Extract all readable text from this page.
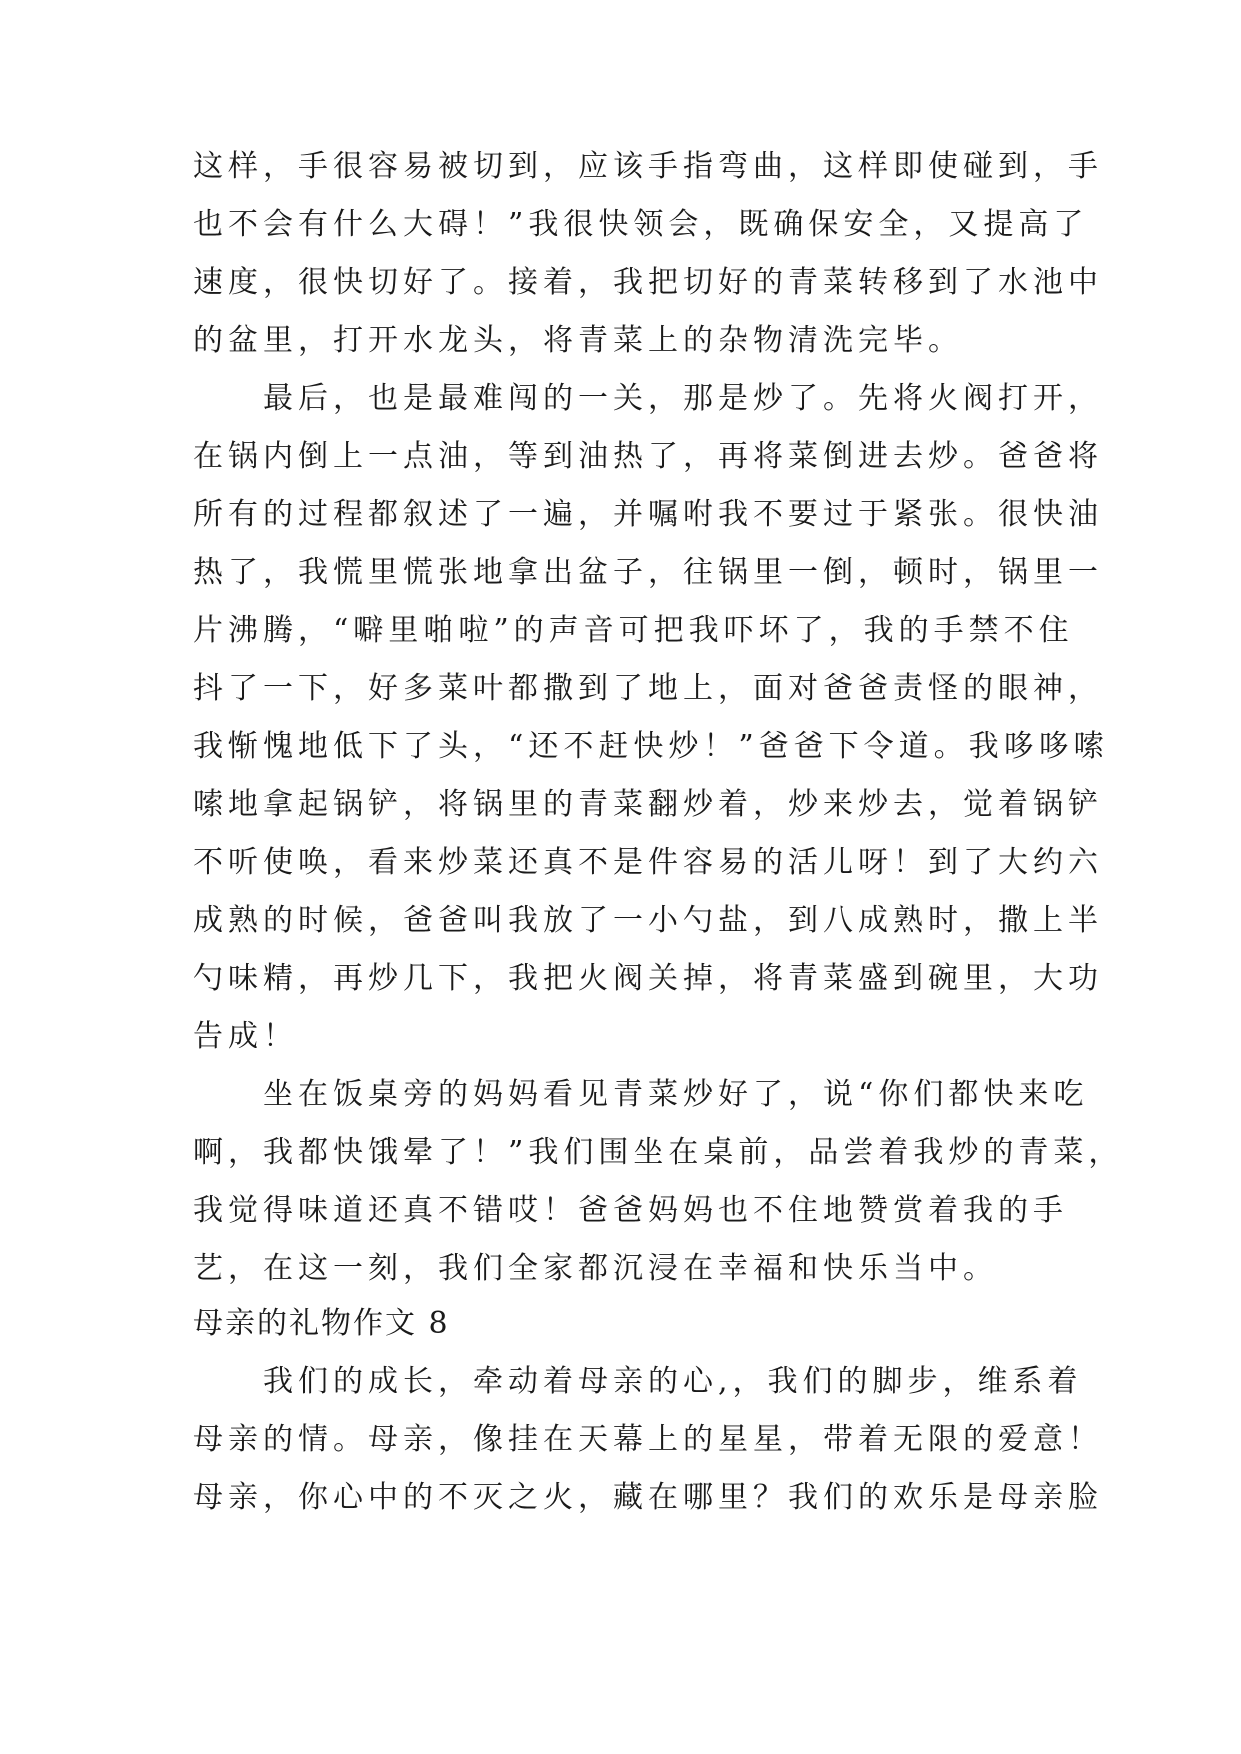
这样，手很容易被切到，应该手指弯曲，这样即使碰到，手
也不会有什么大碍！”我很快领会，既确保安全，又提高了
速度，很快切好了。接着，我把切好的青菜转移到了水池中
的盆里，打开水龙头，将青菜上的杂物清洗完毕。
　　最后，也是最难闯的一关，那是炒了。先将火阀打开，
在锅内倒上一点油，等到油热了，再将菜倒进去炒。爸爸将
所有的过程都叙述了一遍，并嘱咐我不要过于紧张。很快油
热了，我慌里慌张地拿出盆子，往锅里一倒，顿时，锅里一
片沸腾，“噼里啪啦”的声音可把我吓坏了，我的手禁不住
抖了一下，好多菜叶都撒到了地上，面对爸爸责怪的眼神，
我惭愧地低下了头，“还不赶快炒！”爸爸下令道。我哆哆嗦
嗦地拿起锅铲，将锅里的青菜翻炒着，炒来炒去，觉着锅铲
不听使唤，看来炒菜还真不是件容易的活儿呀！到了大约六
成熟的时候，爸爸叫我放了一小勺盐，到八成熟时，撒上半
勺味精，再炒几下，我把火阀关掉，将青菜盛到碗里，大功
告成！
　　坐在饭桌旁的妈妈看见青菜炒好了，说“你们都快来吃
啊，我都快饿晕了！”我们围坐在桌前，品尝着我炒的青菜，
我觉得味道还真不错哎！爸爸妈妈也不住地赞赏着我的手
艺，在这一刻，我们全家都沉浸在幸福和快乐当中。
母亲的礼物作文 8
　　我们的成长，牵动着母亲的心,，我们的脚步，维系着
母亲的情。母亲，像挂在天幕上的星星，带着无限的爱意！
母亲，你心中的不灭之火，藏在哪里？我们的欢乐是母亲脸
